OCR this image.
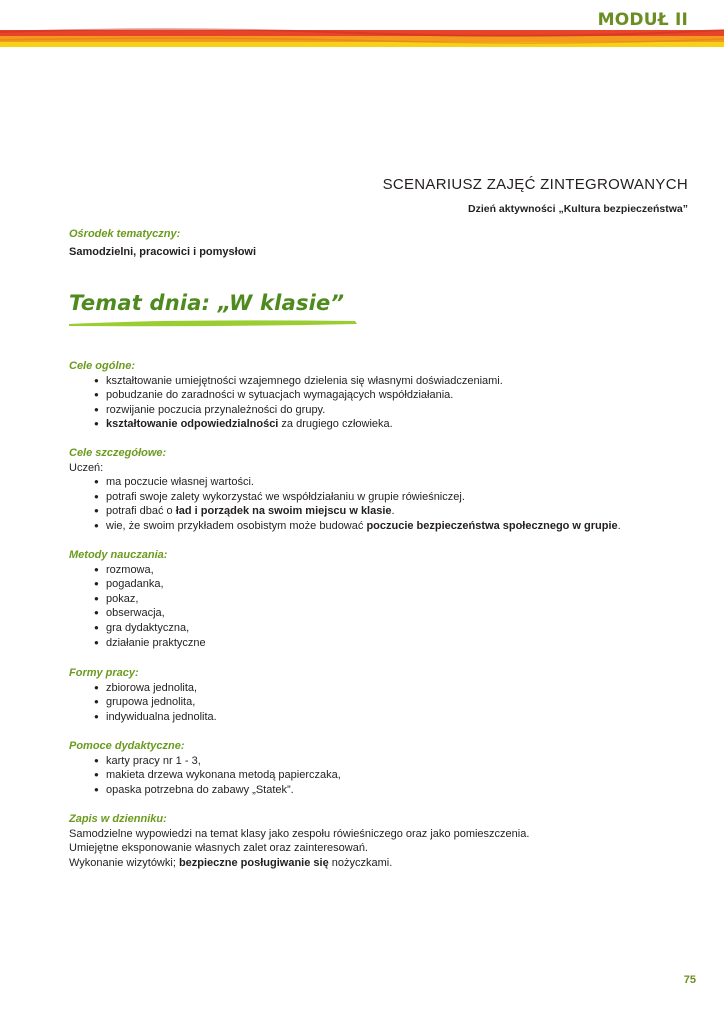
MODUŁ II
SCENARIUSZ ZAJĘĆ ZINTEGROWANYCH
Dzień aktywności „Kultura bezpieczeństwa”
Ośrodek tematyczny:
Samodzielni, pracowici i pomysłowi
Temat dnia: „W klasie”
Cele ogólne:
● kształtowanie umiejętności wzajemnego dzielenia się własnymi doświadczeniami.
● pobudzanie do zaradności w sytuacjach wymagających współdziałania.
● rozwijanie poczucia przynależności do grupy.
● kształtowanie odpowiedzialności za drugiego człowieka.
Cele szczegółowe:
Uczeń:
● ma poczucie własnej wartości.
● potrafi swoje zalety wykorzystać we współdziałaniu w grupie rówieśniczej.
● potrafi dbać o ład i porządek na swoim miejscu w klasie.
● wie, że swoim przykładem osobistym może budować poczucie bezpieczeństwa społecznego w grupie.
Metody nauczania:
● rozmowa,
● pogadanka,
● pokaz,
● obserwacja,
● gra dydaktyczna,
● działanie praktyczne
Formy pracy:
● zbiorowa jednolita,
● grupowa jednolita,
● indywidualna jednolita.
Pomoce dydaktyczne:
● karty pracy nr 1 - 3,
● makieta drzewa wykonana metodą papierczaka,
● opaska potrzebna do zabawy „Statek”.
Zapis w dzienniku:
Samodzielne wypowiedzi na temat klasy jako zespołu rówieśniczego oraz jako pomieszczenia.
Umiejętne eksponowanie własnych zalet oraz zainteresowań.
Wykonanie wizytówki; bezpieczne posługiwanie się nożyczkami.
75
